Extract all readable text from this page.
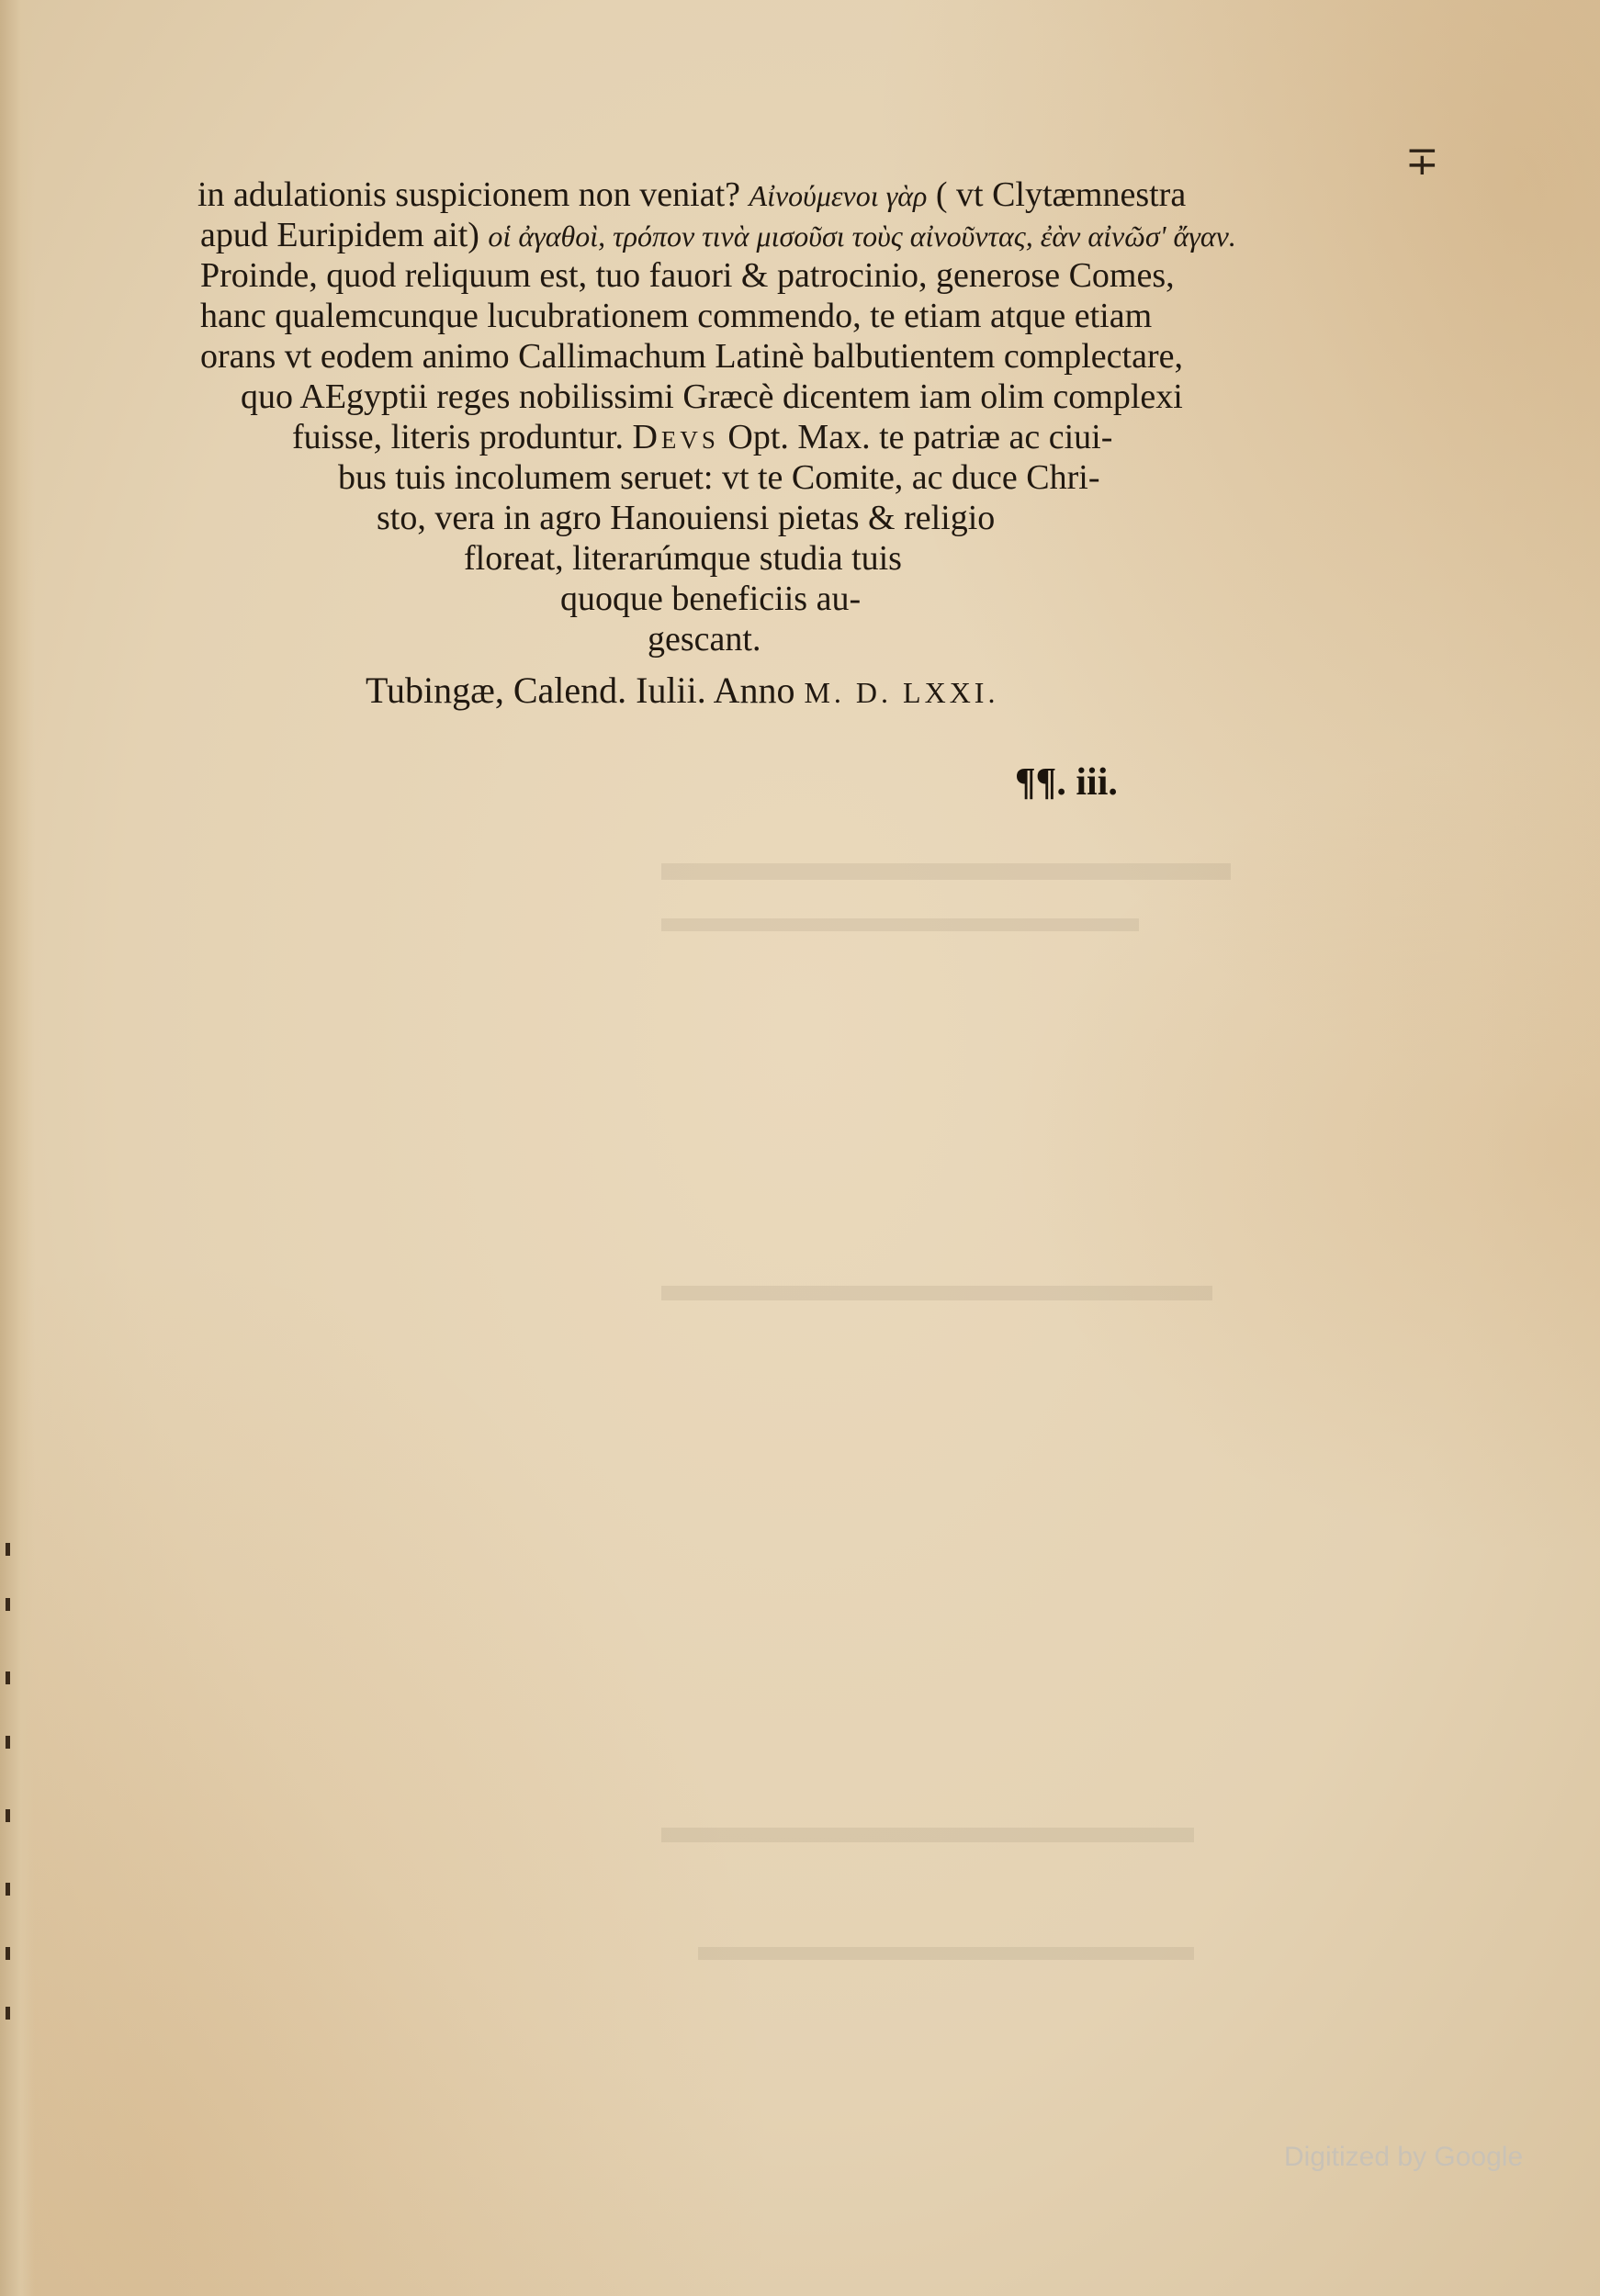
∓
in adulationis suspicionem non veniat? Αἰνούμενοι γὰρ ( vt Clytæmnestra
apud Euripidem ait) οἱ ἀγαθοὶ, τρόπον τινὰ μισοῦσι τοὺς αἰνοῦντας, ἐὰν αἰνῶσ' ἄγαν.
Proinde, quod reliquum est, tuo fauori & patrocinio, generose Comes,
hanc qualemcunque lucubrationem commendo, te etiam atque etiam
orans vt eodem animo Callimachum Latinè balbutientem complectare,
quo AEgyptii reges nobilissimi Græcè dicentem iam olim complexi
fuisse, literis produntur. Devs Opt. Max. te patriæ ac ciui-
bus tuis incolumem seruet: vt te Comite, ac duce Chri-
sto, vera in agro Hanouiensi pietas & religio
floreat, literarúmque studia tuis
quoque beneficiis au-
gescant.
Tubingæ, Calend. Iulii. Anno M. D. LXXI.
¶¶. iii.
Digitized by Google
